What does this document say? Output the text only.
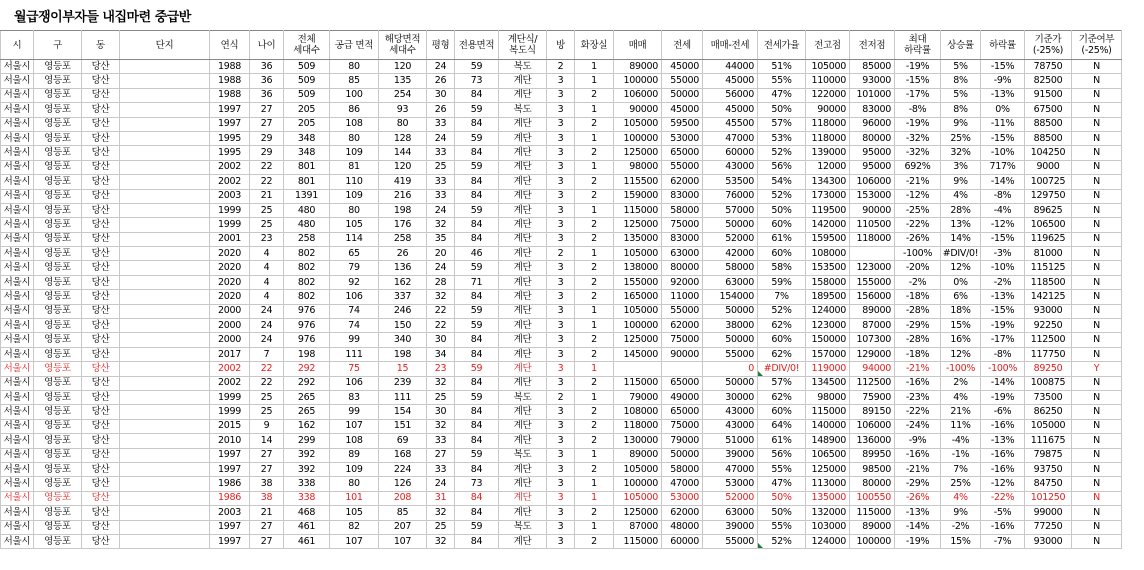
월급쟁이부자들 내집마련 중급반
시	구	동	단지	연식	나이	전체
세대수	공급 면적	해당면적
세대수	평형	전용면적	계단식/
복도식	방	화장실	매매	전세	매매-전세	전세가율	전고점	전저점	최대
하락률	상승률	하락률	기준가
(-25%)	기준여부
(-25%)
서울시	영등포	당산		1988	36	509	80	120	24	59	복도	2	1	89000	45000	44000	51%	105000	85000	-19%	5%	-15%	78750	N
서울시	영등포	당산		1988	36	509	85	135	26	73	계단	3	1	100000	55000	45000	55%	110000	93000	-15%	8%	-9%	82500	N
서울시	영등포	당산		1988	36	509	100	254	30	84	계단	3	2	106000	50000	56000	47%	122000	101000	-17%	5%	-13%	91500	N
서울시	영등포	당산		1997	27	205	86	93	26	59	복도	3	1	90000	45000	45000	50%	90000	83000	-8%	8%	0%	67500	N
서울시	영등포	당산		1997	27	205	108	80	33	84	계단	3	2	105000	59500	45500	57%	118000	96000	-19%	9%	-11%	88500	N
서울시	영등포	당산		1995	29	348	80	128	24	59	계단	3	1	100000	53000	47000	53%	118000	80000	-32%	25%	-15%	88500	N
서울시	영등포	당산		1995	29	348	109	144	33	84	계단	3	2	125000	65000	60000	52%	139000	95000	-32%	32%	-10%	104250	N
서울시	영등포	당산		2002	22	801	81	120	25	59	계단	3	1	98000	55000	43000	56%	12000	95000	692%	3%	717%	9000	N
서울시	영등포	당산		2002	22	801	110	419	33	84	계단	3	2	115500	62000	53500	54%	134300	106000	-21%	9%	-14%	100725	N
서울시	영등포	당산		2003	21	1391	109	216	33	84	계단	3	2	159000	83000	76000	52%	173000	153000	-12%	4%	-8%	129750	N
서울시	영등포	당산		1999	25	480	80	198	24	59	계단	3	1	115000	58000	57000	50%	119500	90000	-25%	28%	-4%	89625	N
서울시	영등포	당산		1999	25	480	105	176	32	84	계단	3	2	125000	75000	50000	60%	142000	110500	-22%	13%	-12%	106500	N
서울시	영등포	당산		2001	23	258	114	258	35	84	계단	3	2	135000	83000	52000	61%	159500	118000	-26%	14%	-15%	119625	N
서울시	영등포	당산		2020	4	802	65	26	20	46	계단	2	1	105000	63000	42000	60%	108000		-100%	#DIV/0!	-3%	81000	N
서울시	영등포	당산		2020	4	802	79	136	24	59	계단	3	2	138000	80000	58000	58%	153500	123000	-20%	12%	-10%	115125	N
서울시	영등포	당산		2020	4	802	92	162	28	71	계단	3	2	155000	92000	63000	59%	158000	155000	-2%	0%	-2%	118500	N
서울시	영등포	당산		2020	4	802	106	337	32	84	계단	3	2	165000	11000	154000	7%	189500	156000	-18%	6%	-13%	142125	N
서울시	영등포	당산		2000	24	976	74	246	22	59	계단	3	1	105000	55000	50000	52%	124000	89000	-28%	18%	-15%	93000	N
서울시	영등포	당산		2000	24	976	74	150	22	59	계단	3	1	100000	62000	38000	62%	123000	87000	-29%	15%	-19%	92250	N
서울시	영등포	당산		2000	24	976	99	340	30	84	계단	3	2	125000	75000	50000	60%	150000	107300	-28%	16%	-17%	112500	N
서울시	영등포	당산		2017	7	198	111	198	34	84	계단	3	2	145000	90000	55000	62%	157000	129000	-18%	12%	-8%	117750	N
서울시	영등포	당산		2002	22	292	75	15	23	59	계단	3	1			0	#DIV/0!	119000	94000	-21%	-100%	-100%	89250	Y
서울시	영등포	당산		2002	22	292	106	239	32	84	계단	3	2	115000	65000	50000	57%	134500	112500	-16%	2%	-14%	100875	N
서울시	영등포	당산		1999	25	265	83	111	25	59	복도	2	1	79000	49000	30000	62%	98000	75900	-23%	4%	-19%	73500	N
서울시	영등포	당산		1999	25	265	99	154	30	84	계단	3	2	108000	65000	43000	60%	115000	89150	-22%	21%	-6%	86250	N
서울시	영등포	당산		2015	9	162	107	151	32	84	계단	3	2	118000	75000	43000	64%	140000	106000	-24%	11%	-16%	105000	N
서울시	영등포	당산		2010	14	299	108	69	33	84	계단	3	2	130000	79000	51000	61%	148900	136000	-9%	-4%	-13%	111675	N
서울시	영등포	당산		1997	27	392	89	168	27	59	복도	3	1	89000	50000	39000	56%	106500	89950	-16%	-1%	-16%	79875	N
서울시	영등포	당산		1997	27	392	109	224	33	84	계단	3	2	105000	58000	47000	55%	125000	98500	-21%	7%	-16%	93750	N
서울시	영등포	당산		1986	38	338	80	126	24	73	계단	3	1	100000	47000	53000	47%	113000	80000	-29%	25%	-12%	84750	N
서울시	영등포	당산		1986	38	338	101	208	31	84	계단	3	1	105000	53000	52000	50%	135000	100550	-26%	4%	-22%	101250	N
서울시	영등포	당산		2003	21	468	105	85	32	84	계단	3	2	125000	62000	63000	50%	132000	115000	-13%	9%	-5%	99000	N
서울시	영등포	당산		1997	27	461	82	207	25	59	복도	3	1	87000	48000	39000	55%	103000	89000	-14%	-2%	-16%	77250	N
서울시	영등포	당산		1997	27	461	107	107	32	84	계단	3	2	115000	60000	55000	52%	124000	100000	-19%	15%	-7%	93000	N
